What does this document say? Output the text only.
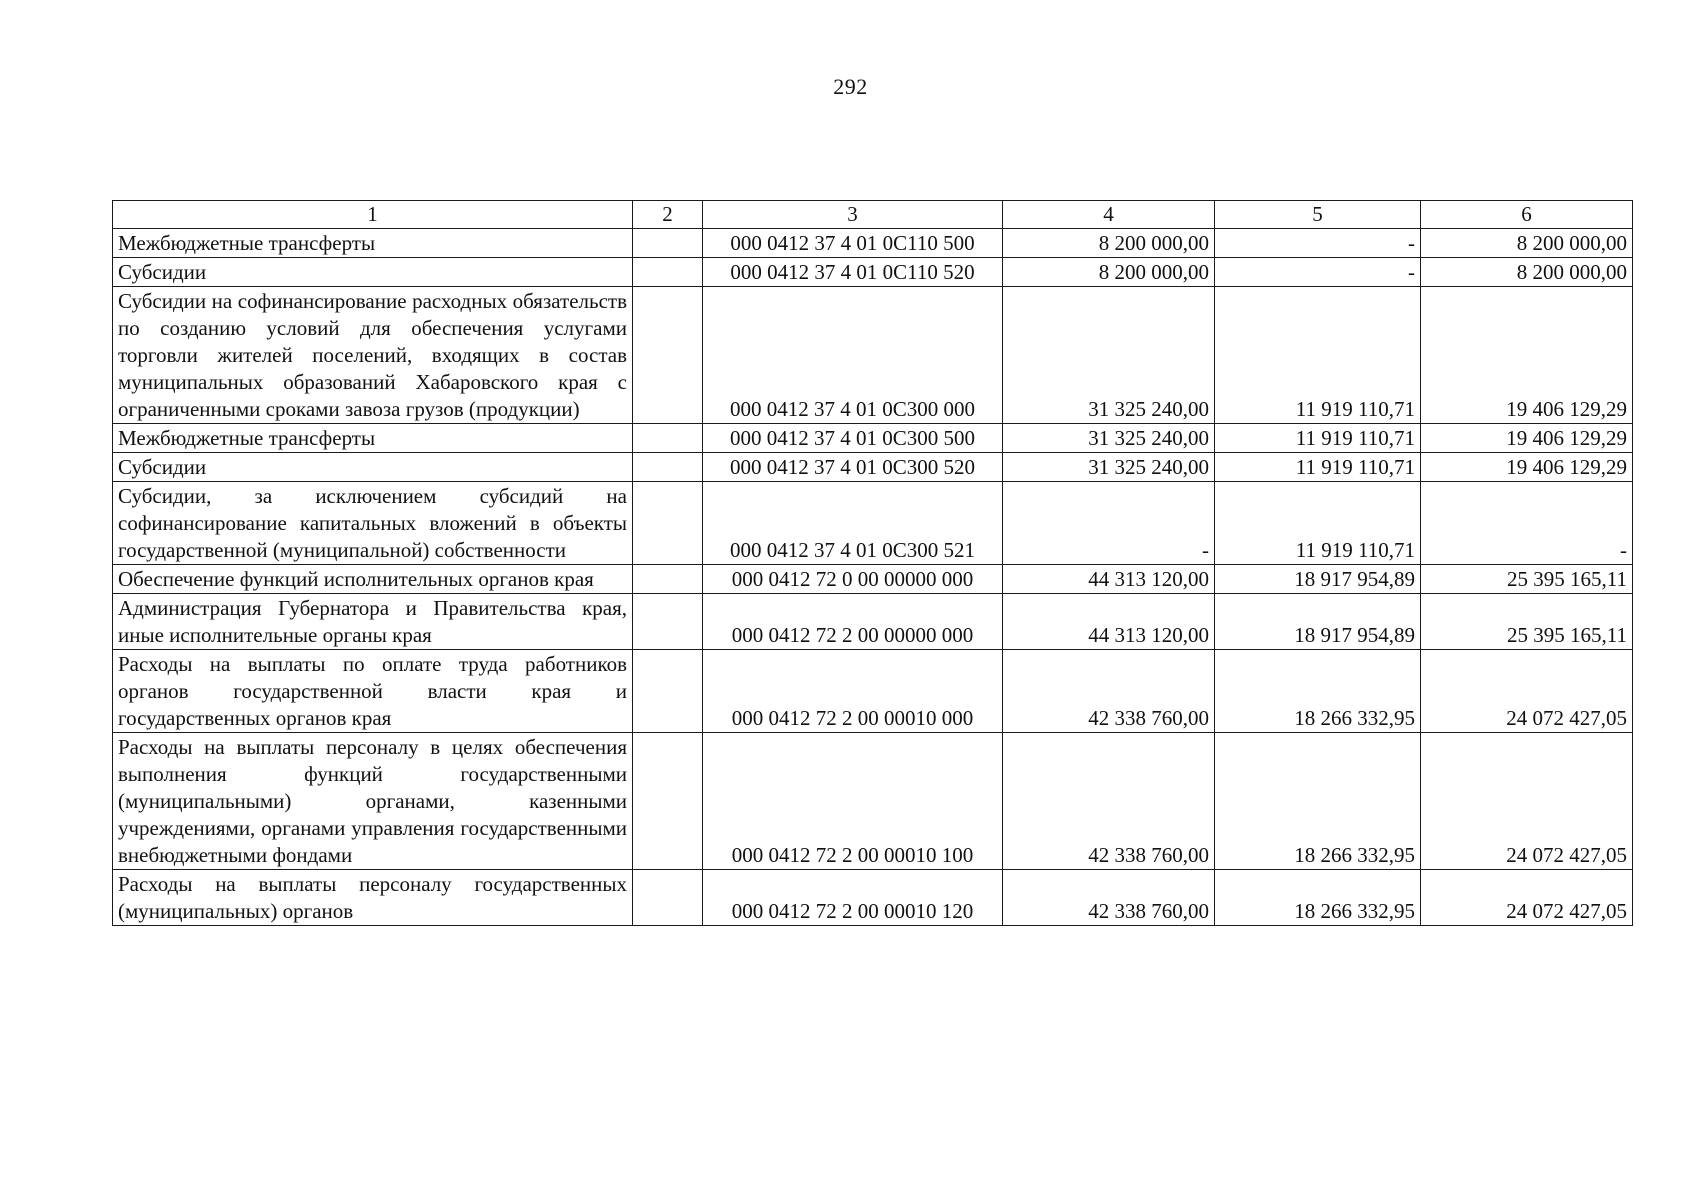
292
1	2	3	4	5	6
Межбюджетные трансферты		000 0412 37 4 01 0С110 500	8 200 000,00	-	8 200 000,00
Субсидии		000 0412 37 4 01 0С110 520	8 200 000,00	-	8 200 000,00
Субсидии на софинансирование расходных обязательств по созданию условий для обеспечения услугами торговли жителей поселений, входящих в состав муниципальных образований Хабаровского края с ограниченными сроками завоза грузов (продукции)		000 0412 37 4 01 0С300 000	31 325 240,00	11 919 110,71	19 406 129,29
Межбюджетные трансферты		000 0412 37 4 01 0С300 500	31 325 240,00	11 919 110,71	19 406 129,29
Субсидии		000 0412 37 4 01 0С300 520	31 325 240,00	11 919 110,71	19 406 129,29
Субсидии, за исключением субсидий на софинансирование капитальных вложений в объекты государственной (муниципальной) собственности		000 0412 37 4 01 0С300 521	-	11 919 110,71	-
Обеспечение функций исполнительных органов края		000 0412 72 0 00 00000 000	44 313 120,00	18 917 954,89	25 395 165,11
Администрация Губернатора и Правительства края, иные исполнительные органы края		000 0412 72 2 00 00000 000	44 313 120,00	18 917 954,89	25 395 165,11
Расходы на выплаты по оплате труда работников органов государственной власти края и государственных органов края		000 0412 72 2 00 00010 000	42 338 760,00	18 266 332,95	24 072 427,05
Расходы на выплаты персоналу в целях обеспечения выполнения функций государственными (муниципальными) органами, казенными учреждениями, органами управления государственными внебюджетными фондами		000 0412 72 2 00 00010 100	42 338 760,00	18 266 332,95	24 072 427,05
Расходы на выплаты персоналу государственных (муниципальных) органов		000 0412 72 2 00 00010 120	42 338 760,00	18 266 332,95	24 072 427,05
